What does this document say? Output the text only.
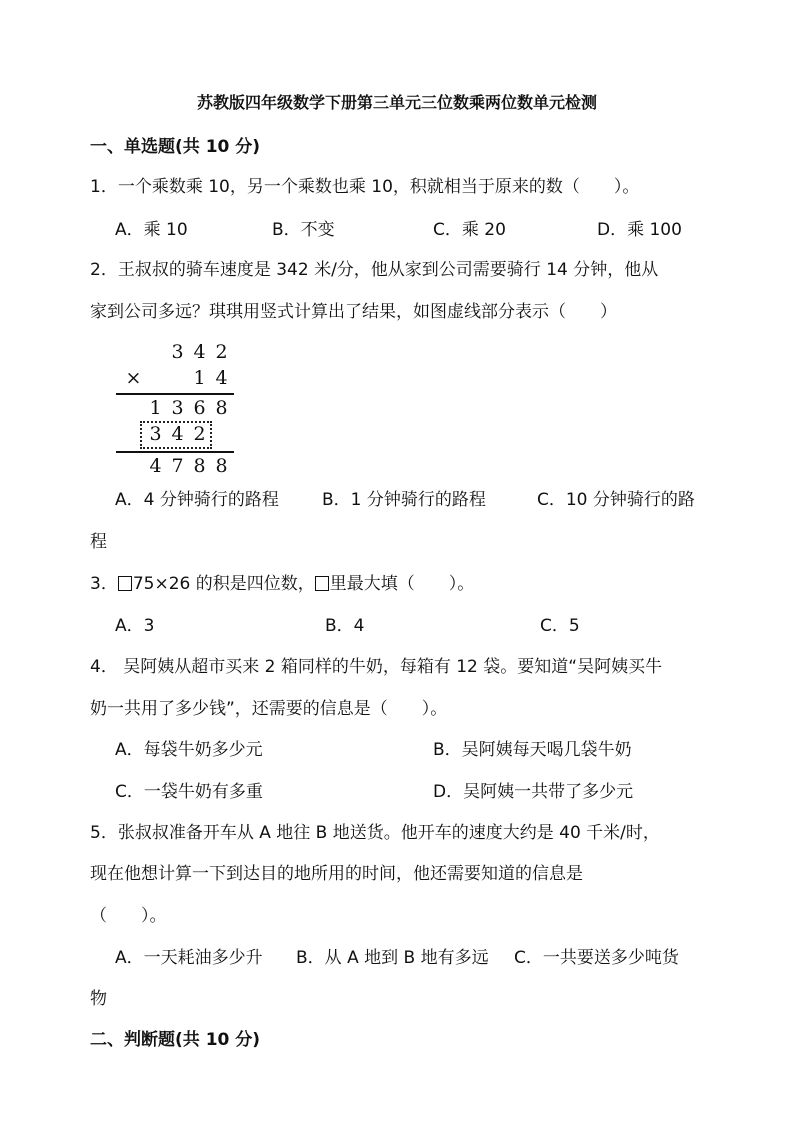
苏教版四年级数学下册第三单元三位数乘两位数单元检测
一、单选题(共 10 分)
1．一个乘数乘 10，另一个乘数也乘 10，积就相当于原来的数（　　）。
A．乘 10	B．不变	C．乘 20	D．乘 100
2．王叔叔的骑车速度是 342 米/分，他从家到公司需要骑行 14 分钟，他从
家到公司多远？琪琪用竖式计算出了结果，如图虚线部分表示（　　）
3 4 2
×	1 4
1 3 6 8
3 4 2
4 7 8 8
A．4 分钟骑行的路程	B．1 分钟骑行的路程	C．10 分钟骑行的路
程
3． 75×26 的积是四位数， 里最大填（　　）。
A．3	B．4	C．5
4． 吴阿姨从超市买来 2 箱同样的牛奶，每箱有 12 袋。要知道“吴阿姨买牛
奶一共用了多少钱”，还需要的信息是（　　）。
A．每袋牛奶多少元	B．吴阿姨每天喝几袋牛奶
C．一袋牛奶有多重	D．吴阿姨一共带了多少元
5．张叔叔准备开车从 A 地往 B 地送货。他开车的速度大约是 40 千米/时，
现在他想计算一下到达目的地所用的时间，他还需要知道的信息是
（　　）。
A．一天耗油多少升 B．从 A 地到 B 地有多远 C．一共要送多少吨货
物
二、判断题(共 10 分)
